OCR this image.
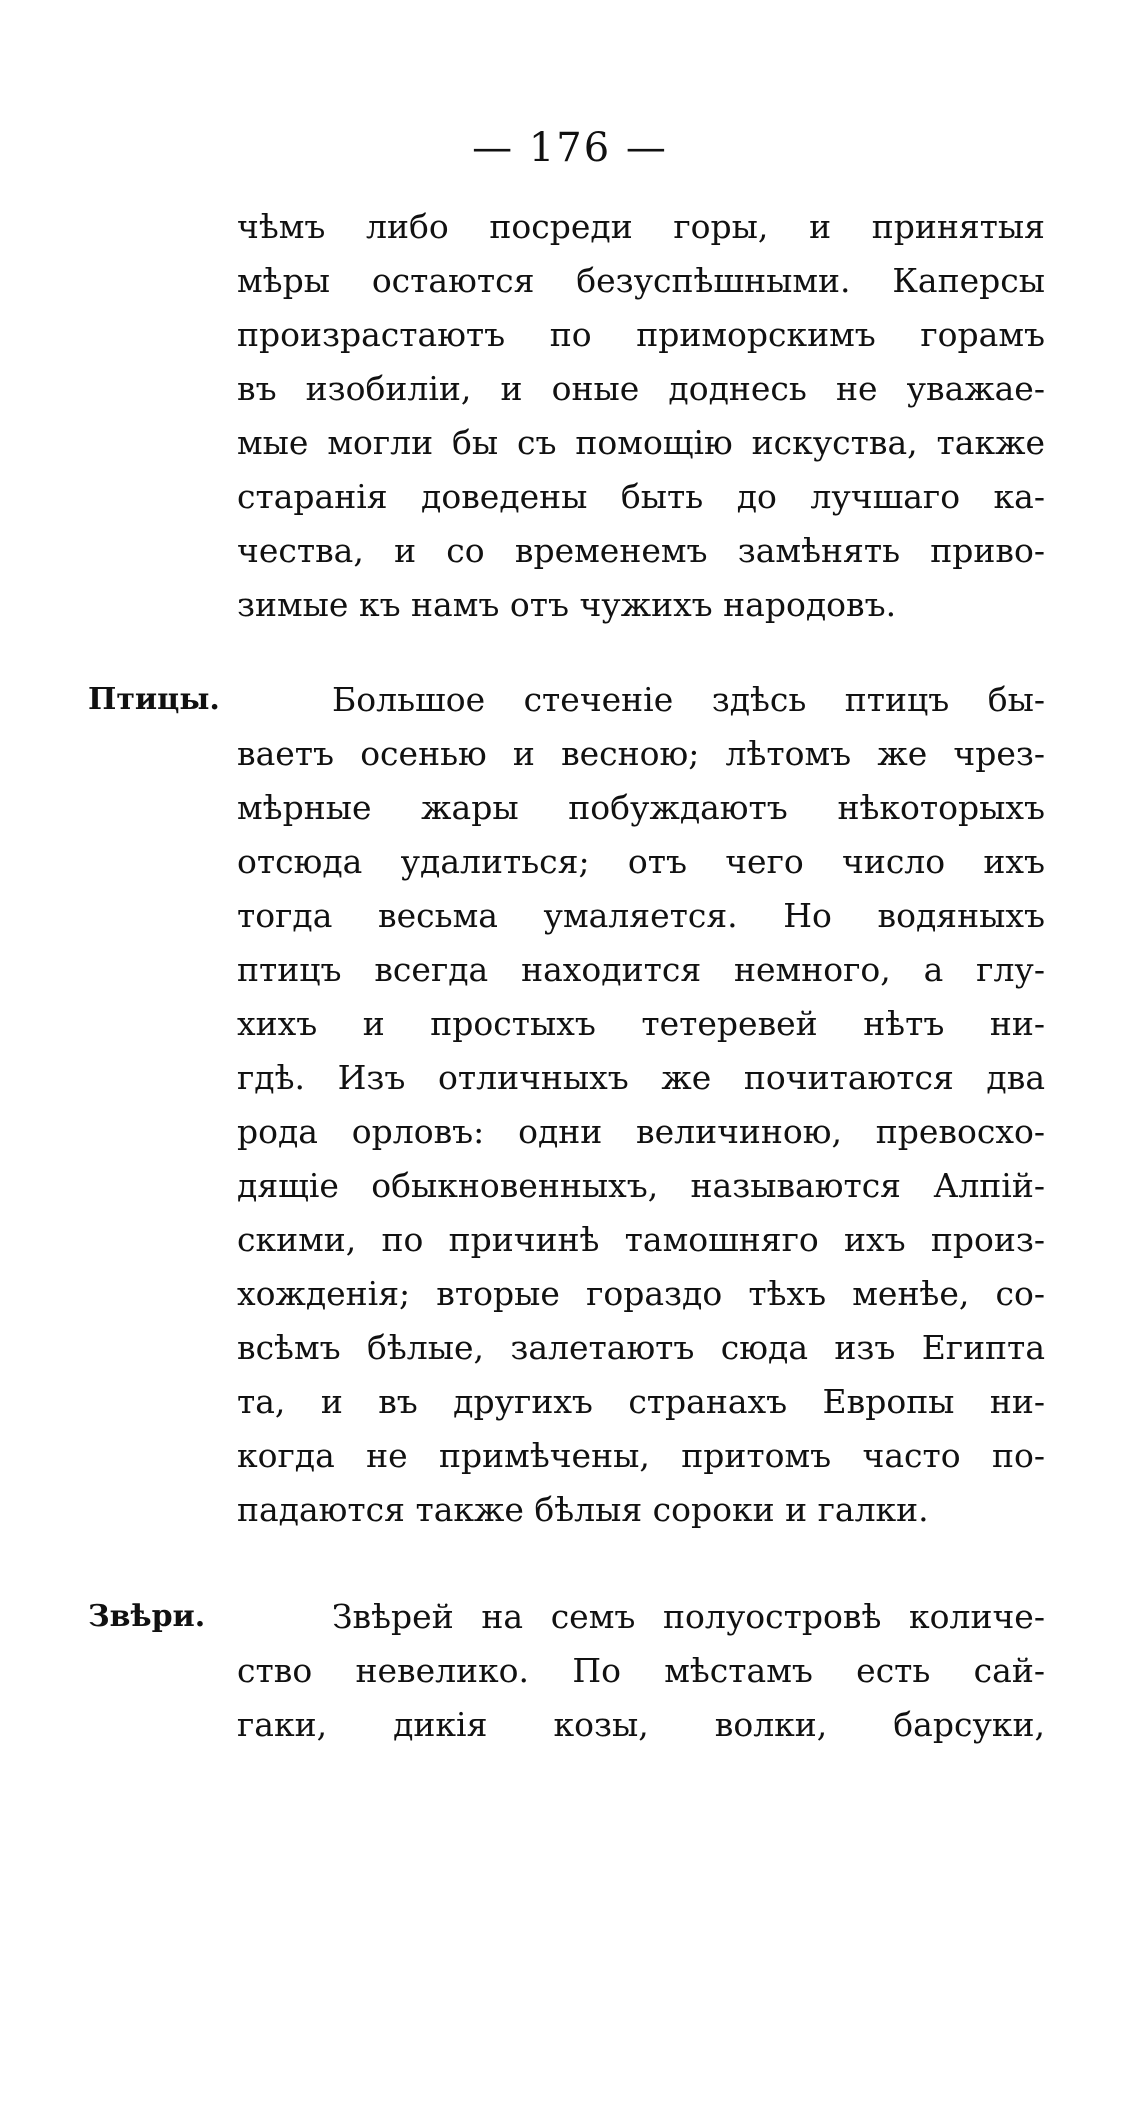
— 176 —
чѣмъ либо посреди горы, и принятыя
мѣры остаются безуспѣшными. Каперсы
произрастаютъ по приморскимъ горамъ
въ изобиліи, и оные доднесь не уважае-
мые могли бы съ помощію искуства, также
старанія доведены быть до лучшаго ка-
чества, и со временемъ замѣнять приво-
зимые къ намъ отъ чужихъ народовъ.
Птицы.	Большое стеченіе здѣсь птицъ бы-
ваетъ осенью и весною; лѣтомъ же чрез-
мѣрные жары побуждаютъ нѣкоторыхъ
отсюда удалиться; отъ чего число ихъ
тогда весьма умаляется. Но водяныхъ
птицъ всегда находится немного, а глу-
хихъ и простыхъ тетеревей нѣтъ ни-
гдѣ. Изъ отличныхъ же почитаются два
рода орловъ: одни величиною, превосхо-
дящіе обыкновенныхъ, называются Алпій-
скими, по причинѣ тамошняго ихъ произ-
хожденія; вторые гораздо тѣхъ менѣе, со-
всѣмъ бѣлые, залетаютъ сюда изъ Египта
та, и въ другихъ странахъ Европы ни-
когда не примѣчены, притомъ часто по-
падаются также бѣлыя сороки и галки.
Звѣри.	Звѣрей на семъ полуостровѣ количе-
ство невелико. По мѣстамъ есть сай-
гаки, дикія козы, волки, барсуки,
